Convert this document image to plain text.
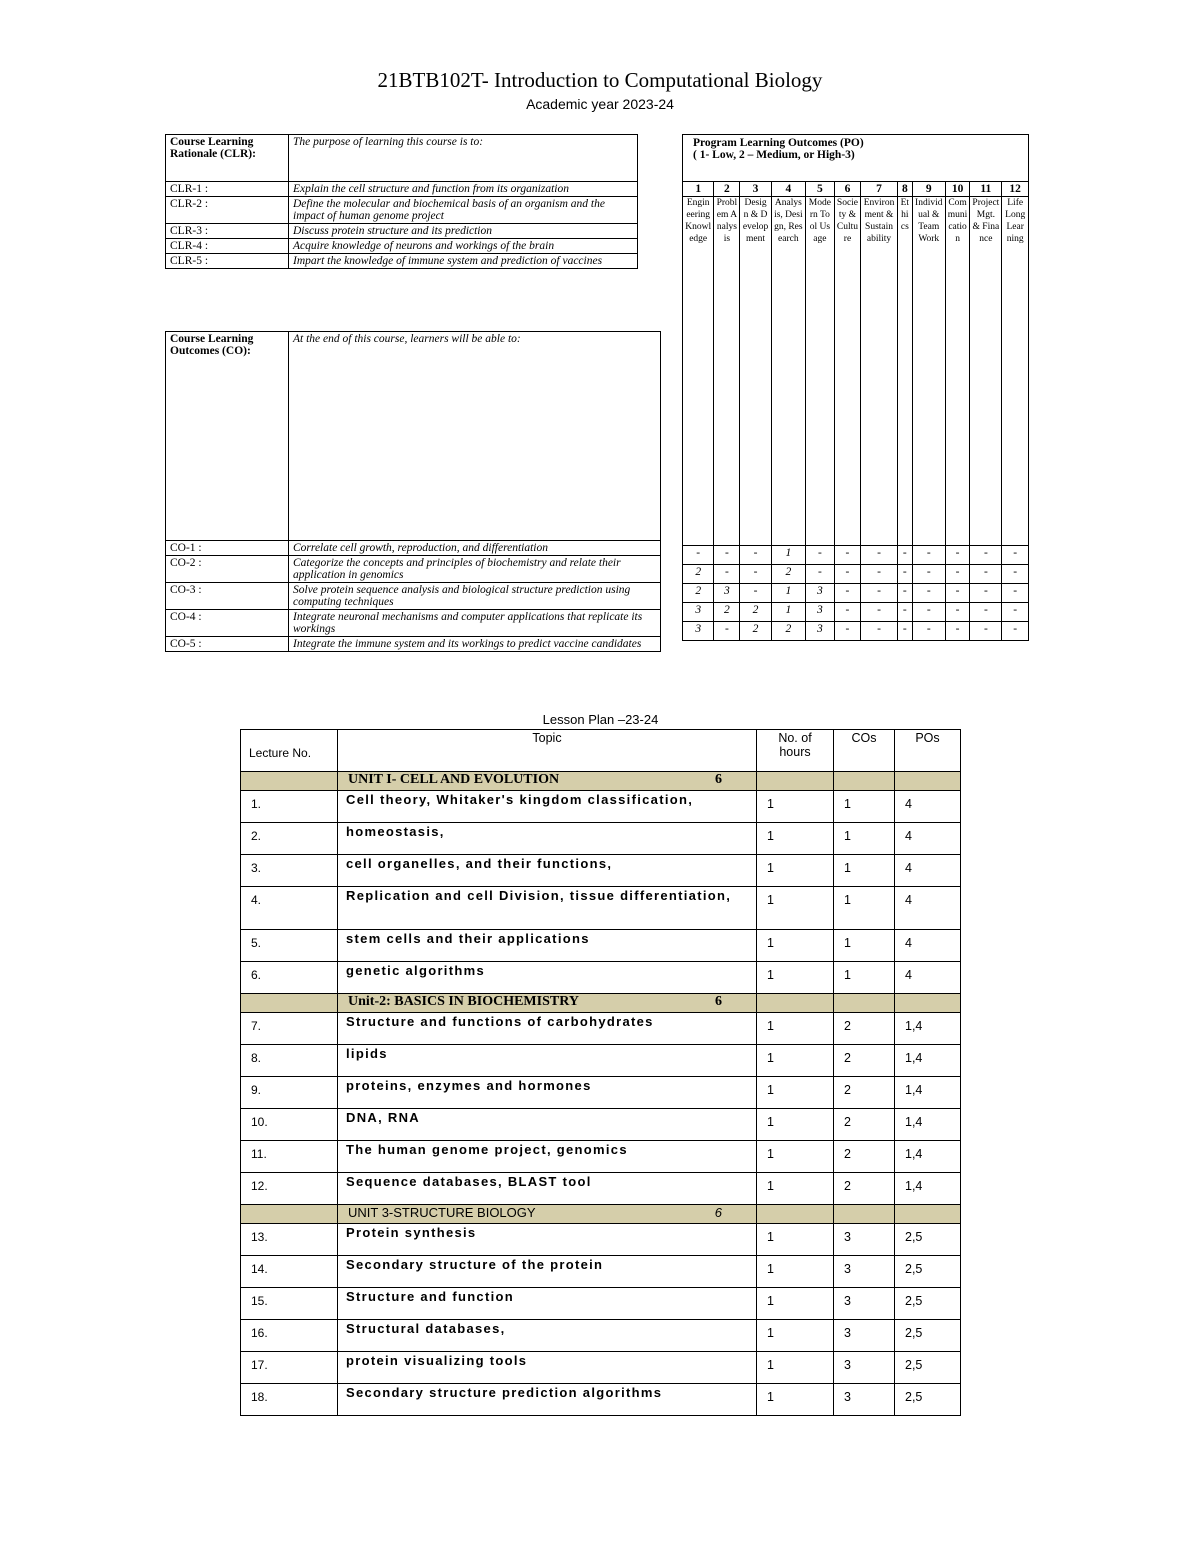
21BTB102T- Introduction to Computational Biology
Academic year 2023-24
Course Learning Rationale (CLR):	The purpose of learning this course is to:
CLR-1 :	Explain the cell structure and function from its organization
CLR-2 :	Define the molecular and biochemical basis of an organism and the impact of human genome project
CLR-3 :	Discuss protein structure and its prediction
CLR-4 :	Acquire knowledge of neurons and workings of the brain
CLR-5 :	Impart the knowledge of immune system and prediction of vaccines
Course Learning Outcomes (CO):	At the end of this course, learners will be able to:
CO-1 :	Correlate cell growth, reproduction, and differentiation
CO-2 :	Categorize the concepts and principles of biochemistry and relate their application in genomics
CO-3 :	Solve protein sequence analysis and biological structure prediction using computing techniques
CO-4 :	Integrate neuronal mechanisms and computer applications that replicate its workings
CO-5 :	Integrate the immune system and its workings to predict vaccine candidates
Program Learning Outcomes (PO)
( 1- Low, 2 – Medium, or High-3)											

1	2	3	4	5	6	7	8	9	10	11	12
Engineering Knowledge	Problem Analysis	Design & Development	Analysis, Design, Research	Modern Tool Usage	Society & Culture	Environment & Sustainability	Ethics	Individual & Team Work	Communication	Project Mgt. & Finance	Life Long Learning
-	-	-	1	-	-	-	-	-	-	-	-
2	-	-	2	-	-	-	-	-	-	-	-
2	3	-	1	3	-	-	-	-	-	-	-
3	2	2	1	3	-	-	-	-	-	-	-
3	-	2	2	3	-	-	-	-	-	-	-
Lesson Plan –23-24
Lecture No.	Topic	No. of hours	COs	POs
	UNIT I- CELL AND EVOLUTION 6			

1.	Cell theory, Whitaker's kingdom classification,	1	1	4
2.	homeostasis,	1	1	4
3.	cell organelles, and their functions,	1	1	4
4.	Replication and cell Division, tissue differentiation,	1	1	4
5.	stem cells and their applications	1	1	4
6.	genetic algorithms	1	1	4
	Unit-2: BASICS IN BIOCHEMISTRY 6			

7.	Structure and functions of carbohydrates	1	2	1,4
8.	lipids	1	2	1,4
9.	proteins, enzymes and hormones	1	2	1,4
10.	DNA, RNA	1	2	1,4
11.	The human genome project, genomics	1	2	1,4
12.	Sequence databases, BLAST tool	1	2	1,4
	UNIT 3-STRUCTURE BIOLOGY 6			

13.	Protein synthesis	1	3	2,5
14.	Secondary structure of the protein	1	3	2,5
15.	Structure and function	1	3	2,5
16.	Structural databases,	1	3	2,5
17.	protein visualizing tools	1	3	2,5
18.	Secondary structure prediction algorithms	1	3	2,5
